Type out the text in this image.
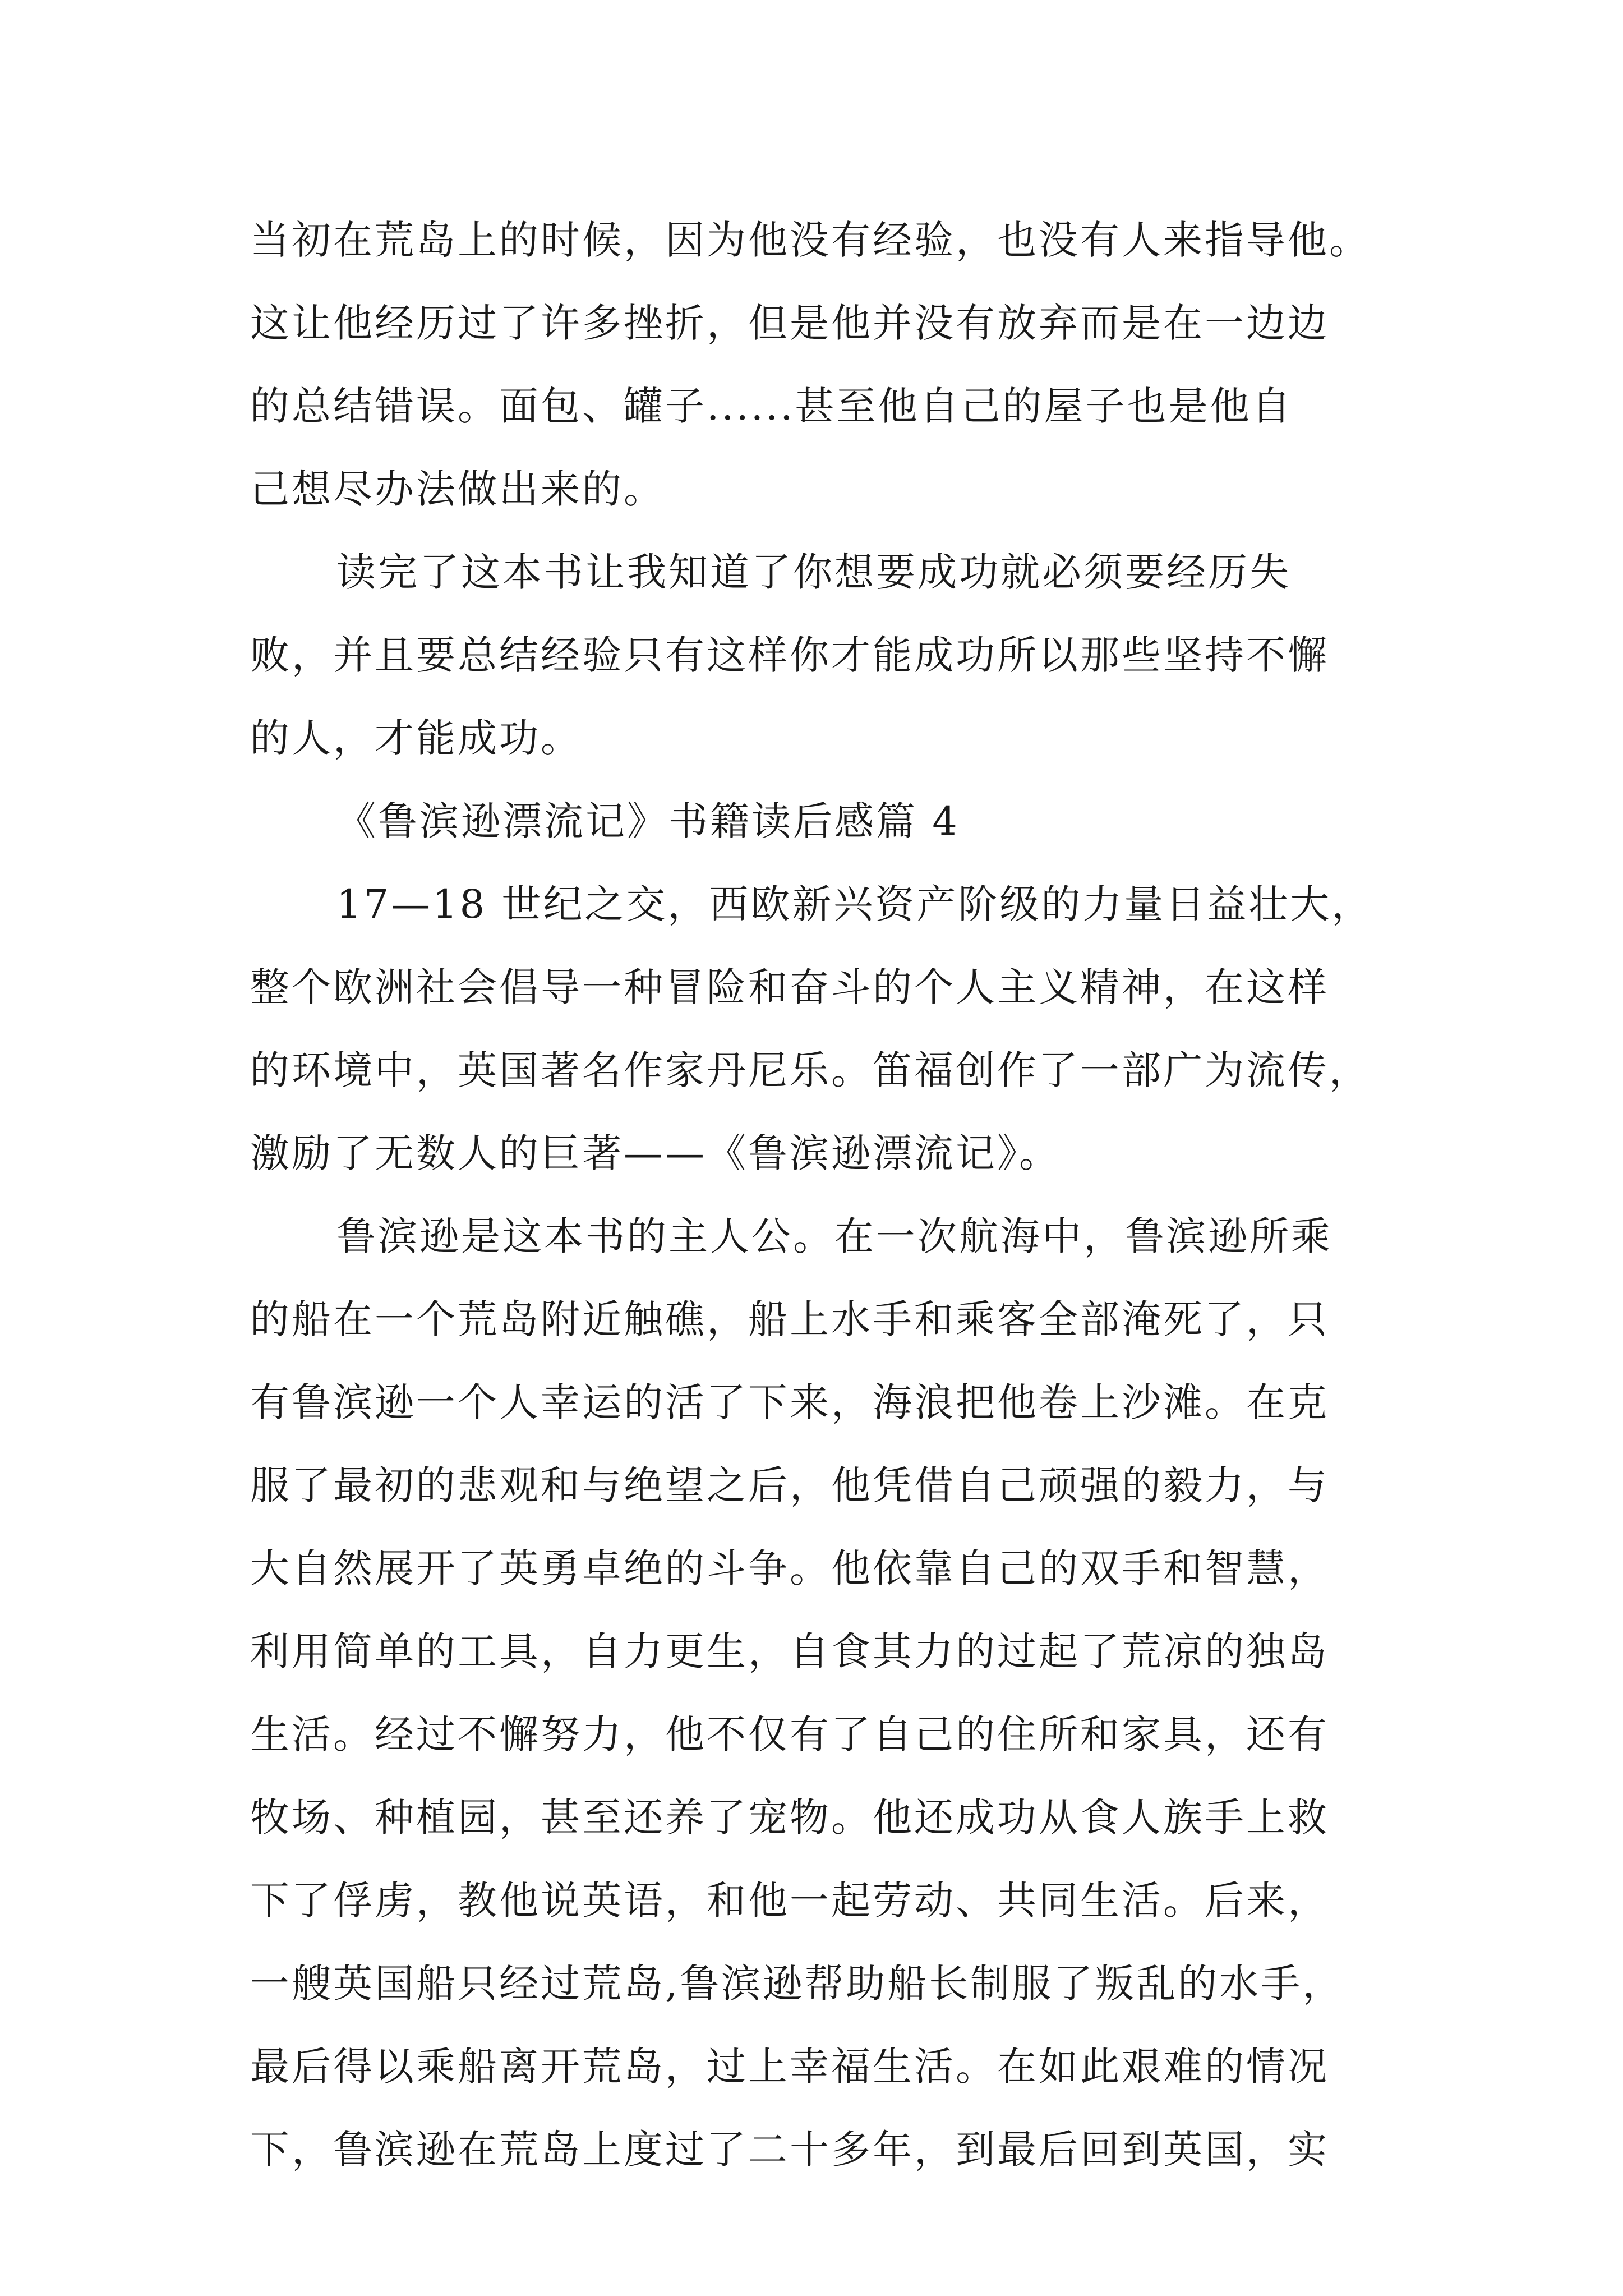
当初在荒岛上的时候，因为他没有经验，也没有人来指导他。
这让他经历过了许多挫折，但是他并没有放弃而是在一边边
的总结错误。面包、罐子......甚至他自己的屋子也是他自
己想尽办法做出来的。
读完了这本书让我知道了你想要成功就必须要经历失
败，并且要总结经验只有这样你才能成功所以那些坚持不懈
的人，才能成功。
《鲁滨逊漂流记》书籍读后感篇 4
17—18 世纪之交，西欧新兴资产阶级的力量日益壮大，
整个欧洲社会倡导一种冒险和奋斗的个人主义精神，在这样
的环境中，英国著名作家丹尼乐。笛福创作了一部广为流传，
激励了无数人的巨著——《鲁滨逊漂流记》。
鲁滨逊是这本书的主人公。在一次航海中，鲁滨逊所乘
的船在一个荒岛附近触礁，船上水手和乘客全部淹死了，只
有鲁滨逊一个人幸运的活了下来，海浪把他卷上沙滩。在克
服了最初的悲观和与绝望之后，他凭借自己顽强的毅力，与
大自然展开了英勇卓绝的斗争。他依靠自己的双手和智慧，
利用简单的工具，自力更生，自食其力的过起了荒凉的独岛
生活。经过不懈努力，他不仅有了自己的住所和家具，还有
牧场、种植园，甚至还养了宠物。他还成功从食人族手上救
下了俘虏，教他说英语，和他一起劳动、共同生活。后来，
一艘英国船只经过荒岛,鲁滨逊帮助船长制服了叛乱的水手，
最后得以乘船离开荒岛，过上幸福生活。在如此艰难的情况
下，鲁滨逊在荒岛上度过了二十多年，到最后回到英国，实
